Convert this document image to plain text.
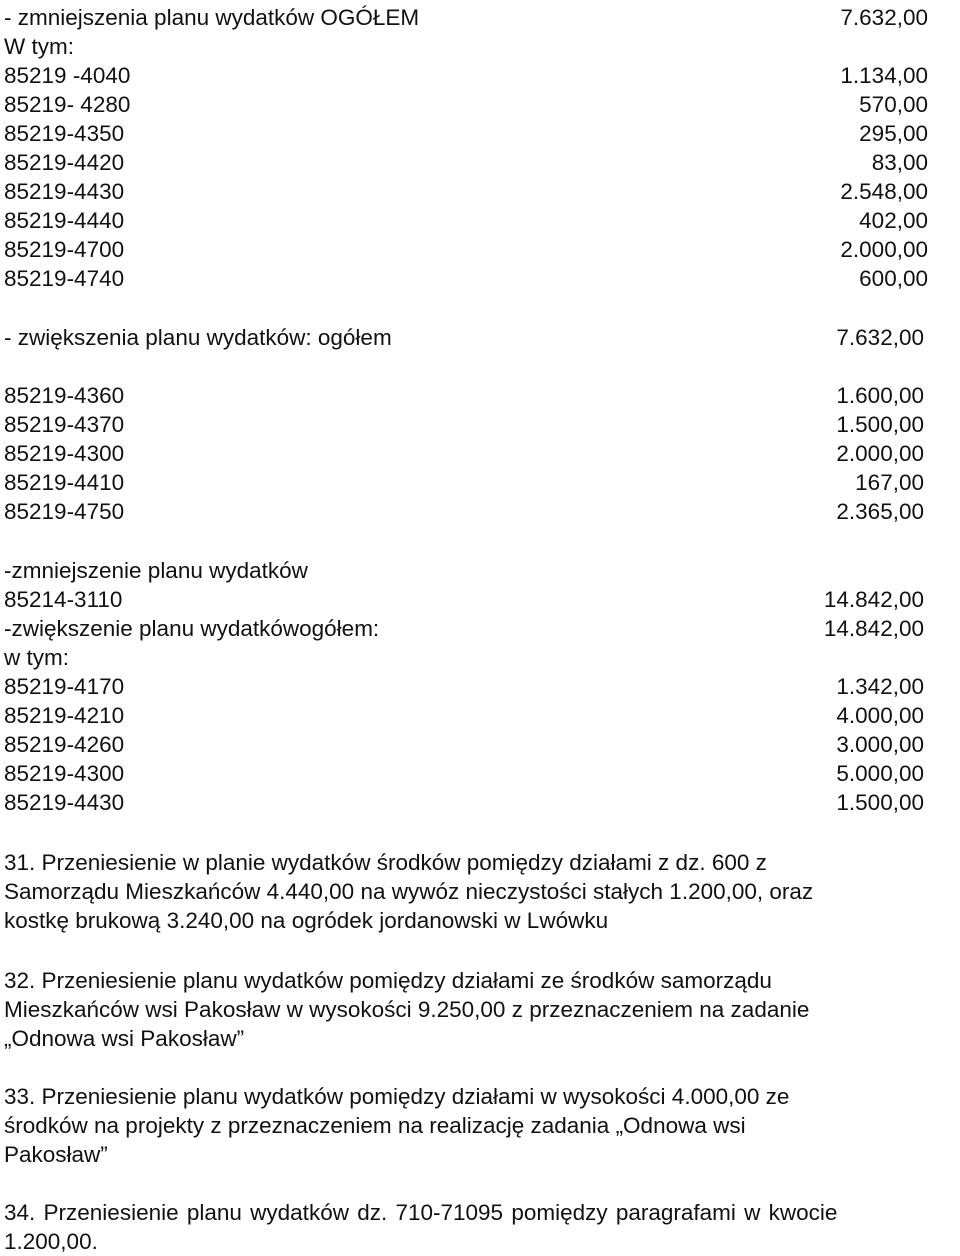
- zmniejszenia planu wydatków OGÓŁEM	7.632,00
W tym:
85219 -4040	1.134,00
85219- 4280	570,00
85219-4350	295,00
85219-4420	83,00
85219-4430	2.548,00
85219-4440	402,00
85219-4700	2.000,00
85219-4740	600,00
- zwiększenia planu wydatków: ogółem	7.632,00
85219-4360	1.600,00
85219-4370	1.500,00
85219-4300	2.000,00
85219-4410	167,00
85219-4750	2.365,00
-zmniejszenie planu wydatków
85214-3110	14.842,00
-zwiększenie planu wydatkówogółem:	14.842,00
w tym:
85219-4170	1.342,00
85219-4210	4.000,00
85219-4260	3.000,00
85219-4300	5.000,00
85219-4430	1.500,00
31. Przeniesienie w planie wydatków środków pomiędzy działami z dz. 600 z
Samorządu Mieszkańców 4.440,00 na wywóz nieczystości stałych 1.200,00, oraz
kostkę brukową 3.240,00 na ogródek jordanowski w Lwówku
32. Przeniesienie planu wydatków pomiędzy działami ze środków samorządu
Mieszkańców wsi Pakosław w wysokości 9.250,00 z przeznaczeniem na zadanie
„Odnowa wsi Pakosław”
33. Przeniesienie planu wydatków pomiędzy działami w wysokości 4.000,00 ze
środków na projekty z przeznaczeniem na realizację zadania „Odnowa wsi
Pakosław”
34. Przeniesienie planu wydatków dz. 710-71095 pomiędzy paragrafami w kwocie
1.200,00.
